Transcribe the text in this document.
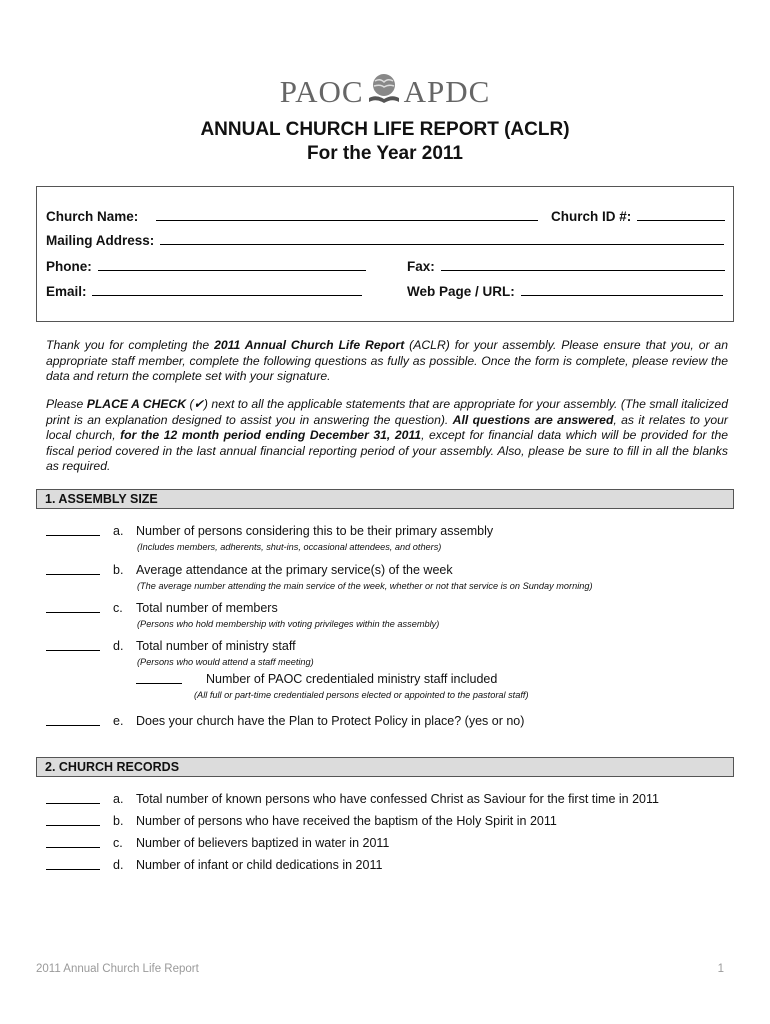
PAOC APDC
ANNUAL CHURCH LIFE REPORT (ACLR)
For the Year 2011
Church Name:	Church ID #:
Mailing Address:
Phone:	Fax:
Email:	Web Page / URL:
Thank you for completing the 2011 Annual Church Life Report (ACLR) for your assembly. Please ensure that you, or an appropriate staff member, complete the following questions as fully as possible. Once the form is complete, please review the data and return the complete set with your signature.
Please PLACE A CHECK (✔) next to all the applicable statements that are appropriate for your assembly. (The small italicized print is an explanation designed to assist you in answering the question). All questions are answered, as it relates to your local church, for the 12 month period ending December 31, 2011, except for financial data which will be provided for the fiscal period covered in the last annual financial reporting period of your assembly. Also, please be sure to fill in all the blanks as required.
1. ASSEMBLY SIZE
a. Number of persons considering this to be their primary assembly
(Includes members, adherents, shut-ins, occasional attendees, and others)
b. Average attendance at the primary service(s) of the week
(The average number attending the main service of the week, whether or not that service is on Sunday morning)
c. Total number of members
(Persons who hold membership with voting privileges within the assembly)
d. Total number of ministry staff
(Persons who would attend a staff meeting)
Number of PAOC credentialed ministry staff included
(All full or part-time credentialed persons elected or appointed to the pastoral staff)
e. Does your church have the Plan to Protect Policy in place? (yes or no)
2. CHURCH RECORDS
a. Total number of known persons who have confessed Christ as Saviour for the first time in 2011
b. Number of persons who have received the baptism of the Holy Spirit in 2011
c. Number of believers baptized in water in 2011
d. Number of infant or child dedications in 2011
2011 Annual Church Life Report	1
